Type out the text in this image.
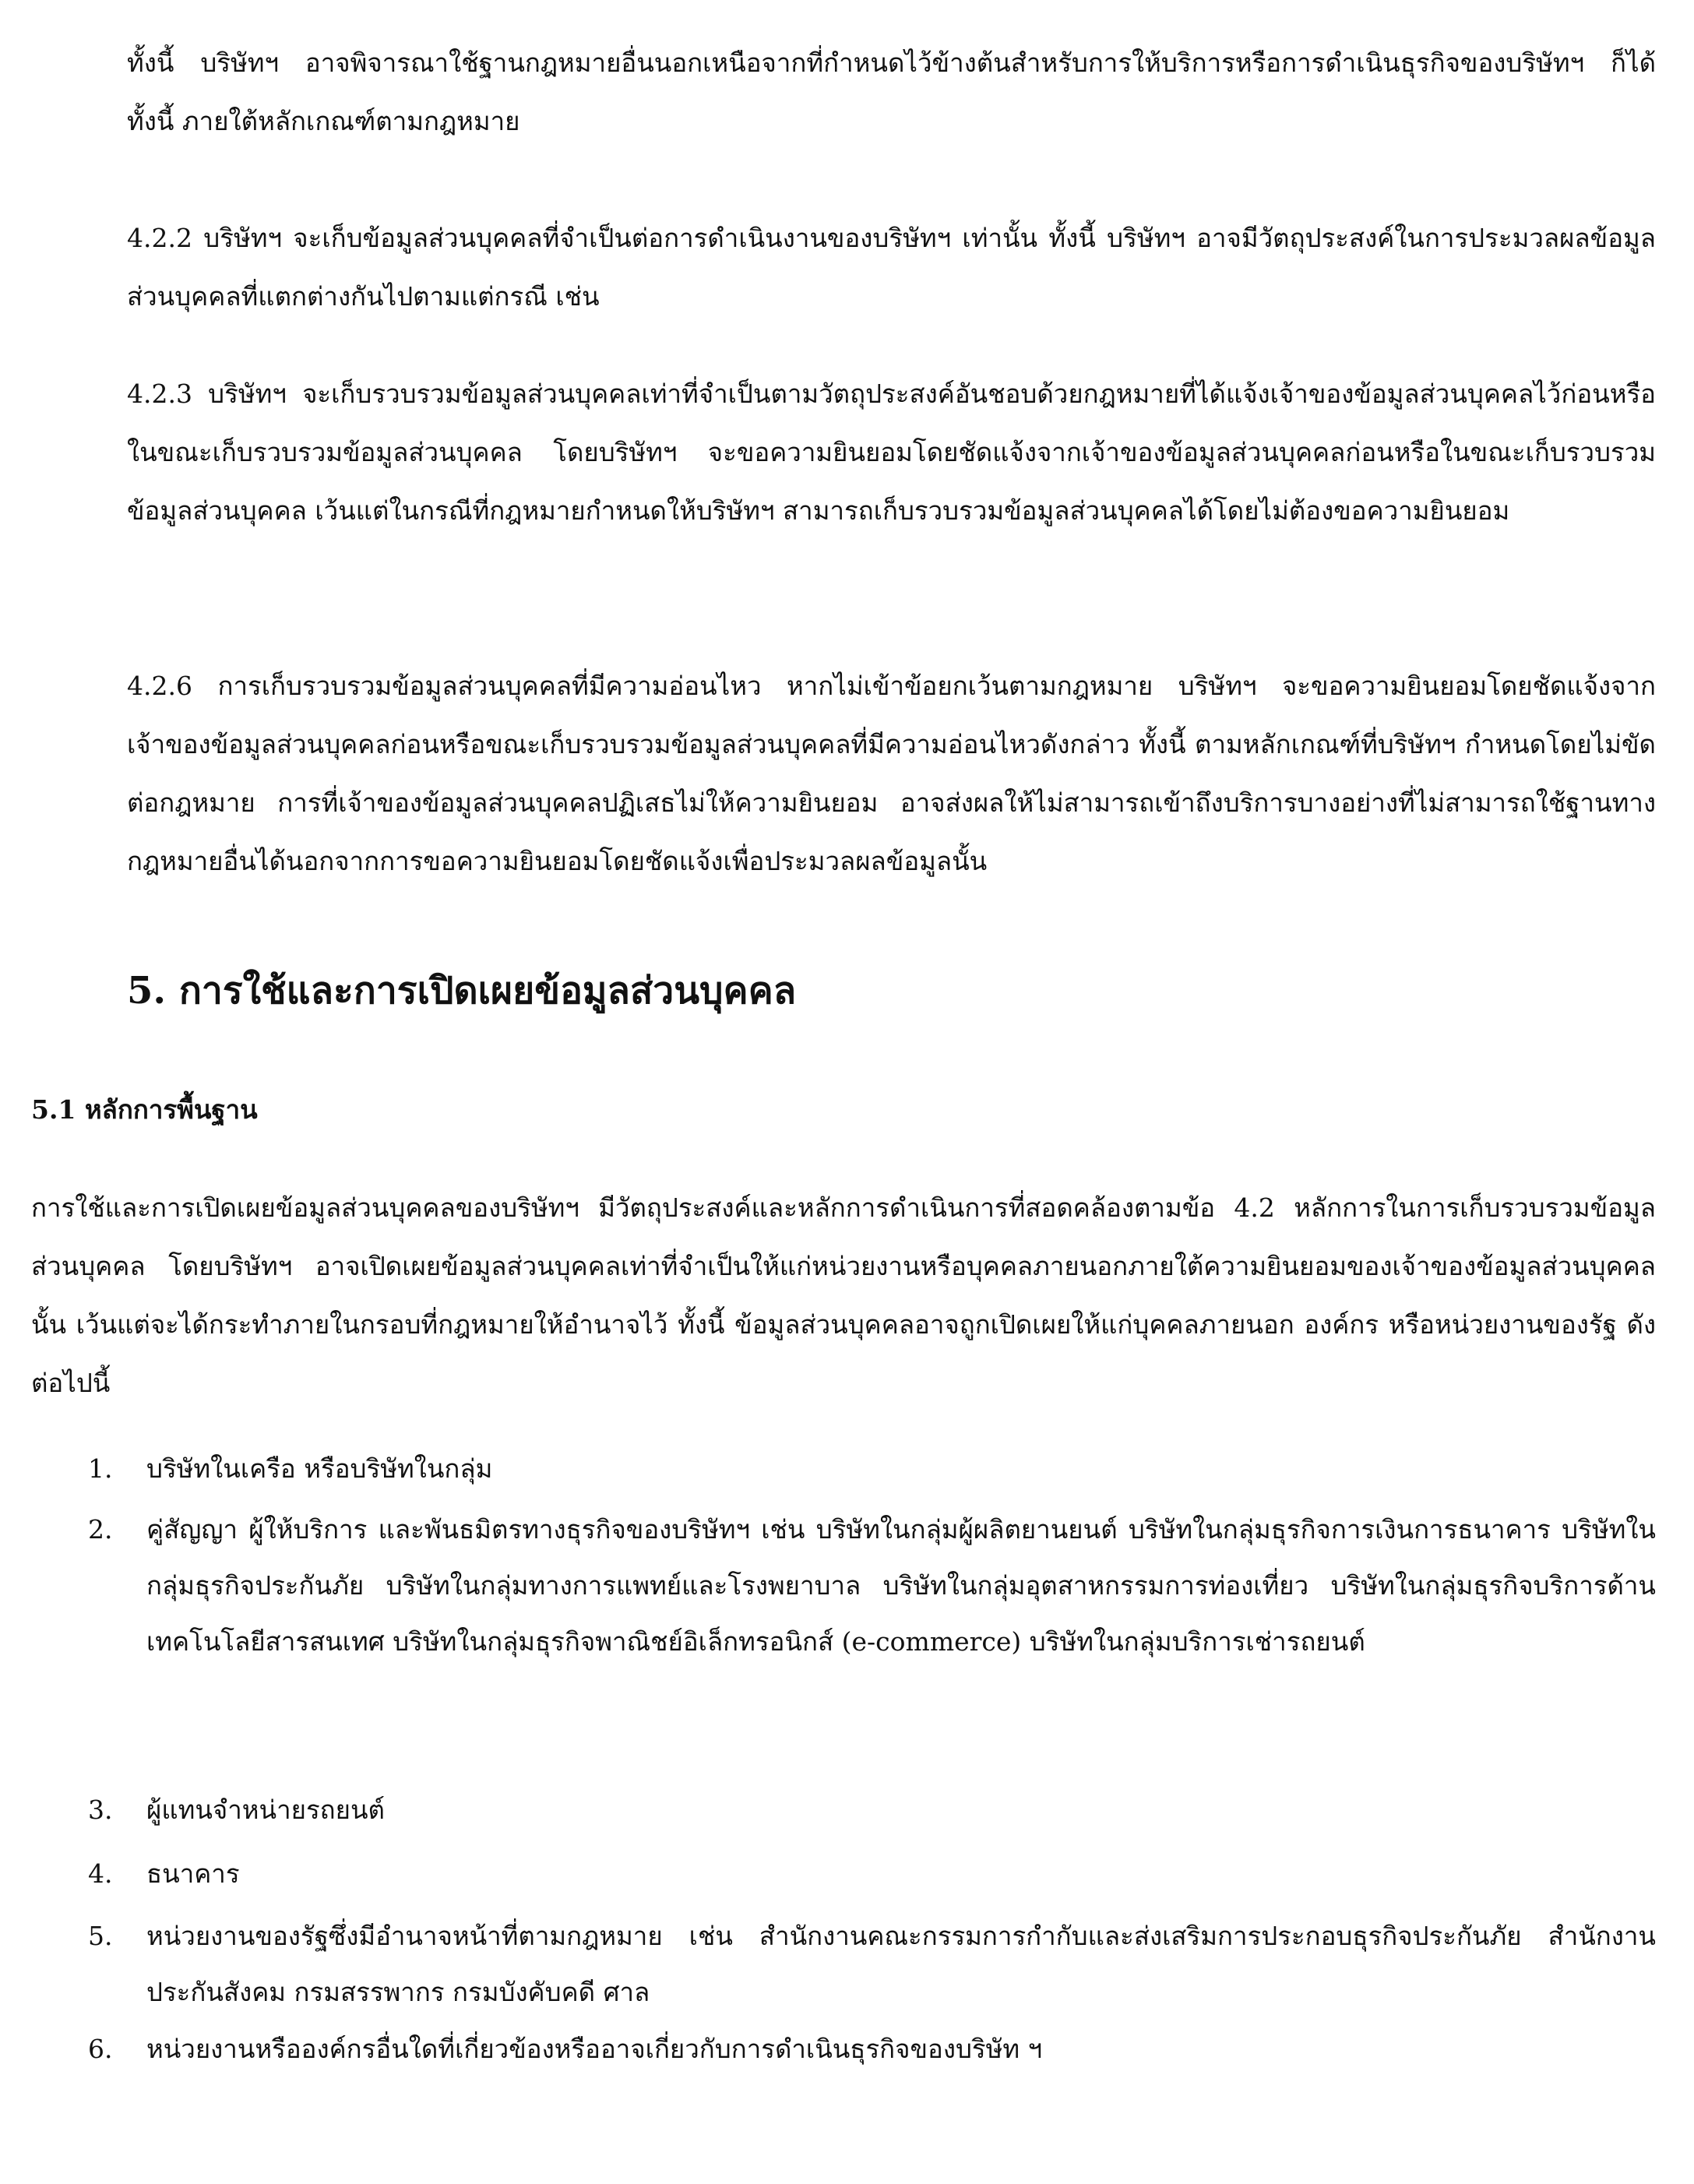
ทั้งนี้ บริษัทฯ อาจพิจารณาใช้ฐานกฎหมายอื่นนอกเหนือจากที่กำหนดไว้ข้างต้นสำหรับการให้บริการหรือการดำเนินธุรกิจของบริษัทฯ ก็ได้ ทั้งนี้ ภายใต้หลักเกณฑ์ตามกฎหมาย

4.2.2 บริษัทฯ จะเก็บข้อมูลส่วนบุคคลที่จำเป็นต่อการดำเนินงานของบริษัทฯ เท่านั้น ทั้งนี้ บริษัทฯ อาจมีวัตถุประสงค์ในการประมวลผลข้อมูลส่วนบุคคลที่แตกต่างกันไปตามแต่กรณี เช่น

4.2.3 บริษัทฯ จะเก็บรวบรวมข้อมูลส่วนบุคคลเท่าที่จำเป็นตามวัตถุประสงค์อันชอบด้วยกฎหมายที่ได้แจ้งเจ้าของข้อมูลส่วนบุคคลไว้ก่อนหรือในขณะเก็บรวบรวมข้อมูลส่วนบุคคล โดยบริษัทฯ จะขอความยินยอมโดยชัดแจ้งจากเจ้าของข้อมูลส่วนบุคคลก่อนหรือในขณะเก็บรวบรวมข้อมูลส่วนบุคคล เว้นแต่ในกรณีที่กฎหมายกำหนดให้บริษัทฯ สามารถเก็บรวบรวมข้อมูลส่วนบุคคลได้โดยไม่ต้องขอความยินยอม

4.2.6 การเก็บรวบรวมข้อมูลส่วนบุคคลที่มีความอ่อนไหว หากไม่เข้าข้อยกเว้นตามกฎหมาย บริษัทฯ จะขอความยินยอมโดยชัดแจ้งจากเจ้าของข้อมูลส่วนบุคคลก่อนหรือขณะเก็บรวบรวมข้อมูลส่วนบุคคลที่มีความอ่อนไหวดังกล่าว ทั้งนี้ ตามหลักเกณฑ์ที่บริษัทฯ กำหนดโดยไม่ขัดต่อกฎหมาย การที่เจ้าของข้อมูลส่วนบุคคลปฏิเสธไม่ให้ความยินยอม อาจส่งผลให้ไม่สามารถเข้าถึงบริการบางอย่างที่ไม่สามารถใช้ฐานทางกฎหมายอื่นได้นอกจากการขอความยินยอมโดยชัดแจ้งเพื่อประมวลผลข้อมูลนั้น

5. การใช้และการเปิดเผยข้อมูลส่วนบุคคล
5.1 หลักการพื้นฐาน

การใช้และการเปิดเผยข้อมูลส่วนบุคคลของบริษัทฯ มีวัตถุประสงค์และหลักการดำเนินการที่สอดคล้องตามข้อ 4.2 หลักการในการเก็บรวบรวมข้อมูลส่วนบุคคล โดยบริษัทฯ อาจเปิดเผยข้อมูลส่วนบุคคลเท่าที่จำเป็นให้แก่หน่วยงานหรือบุคคลภายนอกภายใต้ความยินยอมของเจ้าของข้อมูลส่วนบุคคลนั้น เว้นแต่จะได้กระทำภายในกรอบที่กฎหมายให้อำนาจไว้ ทั้งนี้ ข้อมูลส่วนบุคคลอาจถูกเปิดเผยให้แก่บุคคลภายนอก องค์กร หรือหน่วยงานของรัฐ ดังต่อไปนี้

1. บริษัทในเครือ หรือบริษัทในกลุ่ม
2. คู่สัญญา ผู้ให้บริการ และพันธมิตรทางธุรกิจของบริษัทฯ เช่น บริษัทในกลุ่มผู้ผลิตยานยนต์ บริษัทในกลุ่มธุรกิจการเงินการธนาคาร บริษัทในกลุ่มธุรกิจประกันภัย บริษัทในกลุ่มทางการแพทย์และโรงพยาบาล บริษัทในกลุ่มอุตสาหกรรมการท่องเที่ยว บริษัทในกลุ่มธุรกิจบริการด้านเทคโนโลยีสารสนเทศ บริษัทในกลุ่มธุรกิจพาณิชย์อิเล็กทรอนิกส์ (e-commerce) บริษัทในกลุ่มบริการเช่ารถยนต์
3. ผู้แทนจำหน่ายรถยนต์
4. ธนาคาร
5. หน่วยงานของรัฐซึ่งมีอำนาจหน้าที่ตามกฎหมาย เช่น สำนักงานคณะกรรมการกำกับและส่งเสริมการประกอบธุรกิจประกันภัย สำนักงานประกันสังคม กรมสรรพากร กรมบังคับคดี ศาล
6. หน่วยงานหรือองค์กรอื่นใดที่เกี่ยวข้องหรืออาจเกี่ยวกับการดำเนินธุรกิจของบริษัท ฯ
